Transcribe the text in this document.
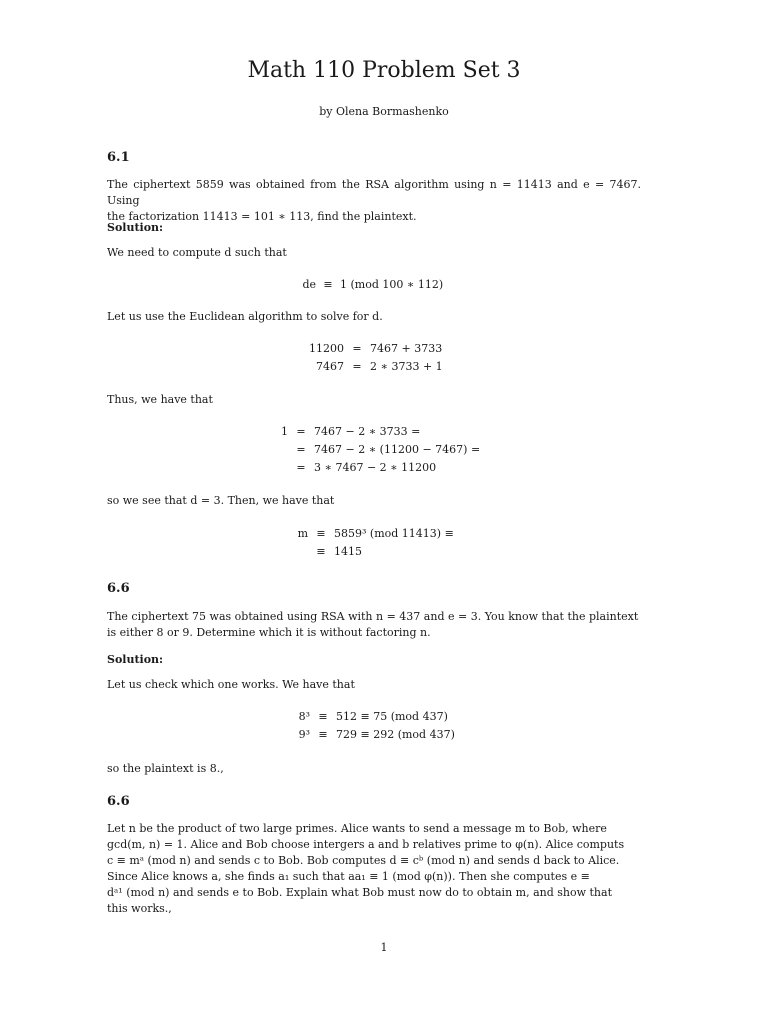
Math 110 Problem Set 3
by Olena Bormashenko
6.1
The ciphertext 5859 was obtained from the RSA algorithm using n = 11413 and e = 7467. Using
the factorization 11413 = 101 ∗ 113, find the plaintext.
Solution:
We need to compute d such that
de ≡ 1 (mod 100 ∗ 112)
Let us use the Euclidean algorithm to solve for d.
11200 = 7467 + 3733
7467 = 2 ∗ 3733 + 1
Thus, we have that
1 = 7467 − 2 ∗ 3733 =
= 7467 − 2 ∗ (11200 − 7467) =
= 3 ∗ 7467 − 2 ∗ 11200
so we see that d = 3. Then, we have that
m ≡ 5859³ (mod 11413) ≡
≡ 1415
6.6
The ciphertext 75 was obtained using RSA with n = 437 and e = 3. You know that the plaintext
is either 8 or 9. Determine which it is without factoring n.
Solution:
Let us check which one works. We have that
8³ ≡ 512 ≡ 75 (mod 437)
9³ ≡ 729 ≡ 292 (mod 437)
so the plaintext is 8.,
6.6
Let n be the product of two large primes. Alice wants to send a message m to Bob, where
gcd(m, n) = 1. Alice and Bob choose intergers a and b relatives prime to φ(n). Alice computs
c ≡ mᵃ (mod n) and sends c to Bob. Bob computes d ≡ cᵇ (mod n) and sends d back to Alice.
Since Alice knows a, she finds a₁ such that aa₁ ≡ 1 (mod φ(n)). Then she computes e ≡
dᵃ¹ (mod n) and sends e to Bob. Explain what Bob must now do to obtain m, and show that
this works.,
1
